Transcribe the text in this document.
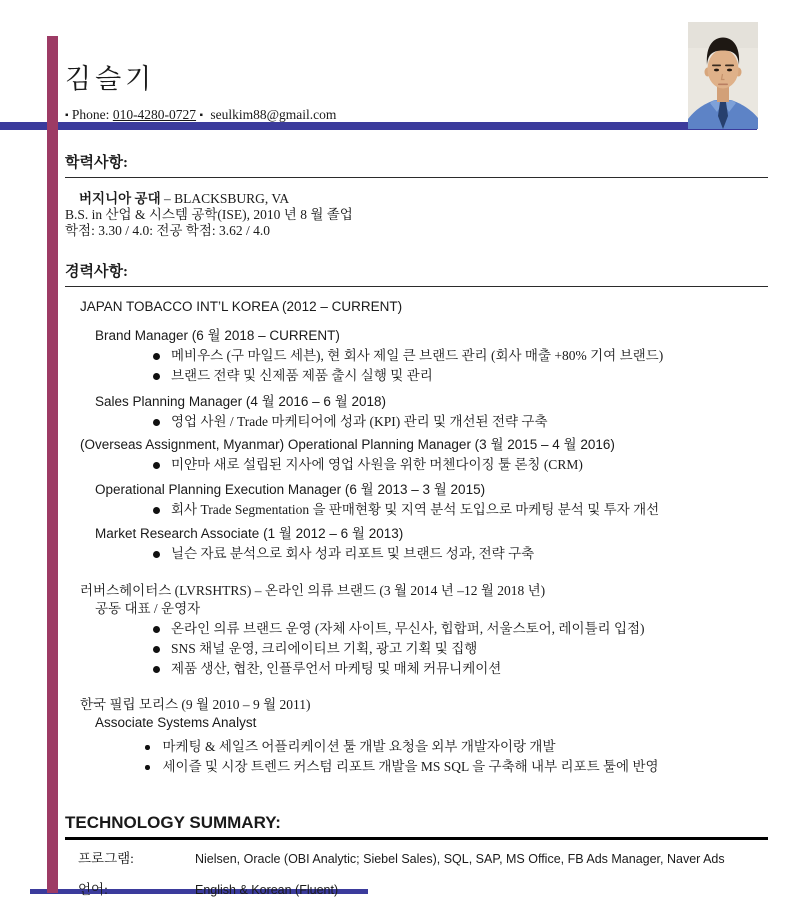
김슬기
▪ Phone: 010-4280-0727 ▪ seulkim88@gmail.com
학력사항:
버지니아 공대 – BLACKSBURG, VA
B.S. in 산업 & 시스템 공학(ISE), 2010 년 8 월 졸업
학점: 3.30 / 4.0: 전공 학점: 3.62 / 4.0
경력사항:
JAPAN TOBACCO INT’L KOREA (2012 – CURRENT)
Brand Manager (6 월 2018 – CURRENT)
메비우스 (구 마일드 세븐), 현 회사 제일 큰 브랜드 관리 (회사 매출 +80% 기여 브랜드)
브랜드 전략 및 신제품 제품 출시 실행 및 관리
Sales Planning Manager (4 월 2016 – 6 월 2018)
영업 사원 / Trade 마케티어에 성과 (KPI) 관리 및 개선된 전략 구축
(Overseas Assignment, Myanmar) Operational Planning Manager (3 월 2015 – 4 월 2016)
미얀마 새로 설립된 지사에 영업 사원을 위한 머첸다이징 툴 론칭 (CRM)
Operational Planning Execution Manager (6 월 2013 – 3 월 2015)
회사 Trade Segmentation 을 판매현황 및 지역 분석 도입으로 마케팅 분석 및 투자 개선
Market Research Associate (1 월 2012 – 6 월 2013)
닐슨 자료 분석으로 회사 성과 리포트 및 브랜드 성과, 전략 구축
러버스헤이터스 (LVRSHTRS) – 온라인 의류 브랜드 (3 월 2014 년 –12 월 2018 년)
공동 대표 / 운영자
온라인 의류 브랜드 운영 (자체 사이트, 무신사, 힙합퍼, 서울스토어, 레이틀리 입점)
SNS 채널 운영, 크리에이티브 기획, 광고 기획 및 집행
제품 생산, 협찬, 인플루언서 마케팅 및 매체 커뮤니케이션
한국 필립 모리스 (9 월 2010 – 9 월 2011)
Associate Systems Analyst
마케팅 & 세일즈 어플리케이션 툴 개발 요청을 외부 개발자이랑 개발
세이즐 및 시장 트렌드 커스텀 리포트 개발을 MS SQL 을 구축해 내부 리포트 툴에 반영
TECHNOLOGY SUMMARY:
프로그램:	Nielsen, Oracle (OBI Analytic; Siebel Sales), SQL, SAP, MS Office, FB Ads Manager, Naver Ads
언어:	English & Korean (Fluent)
